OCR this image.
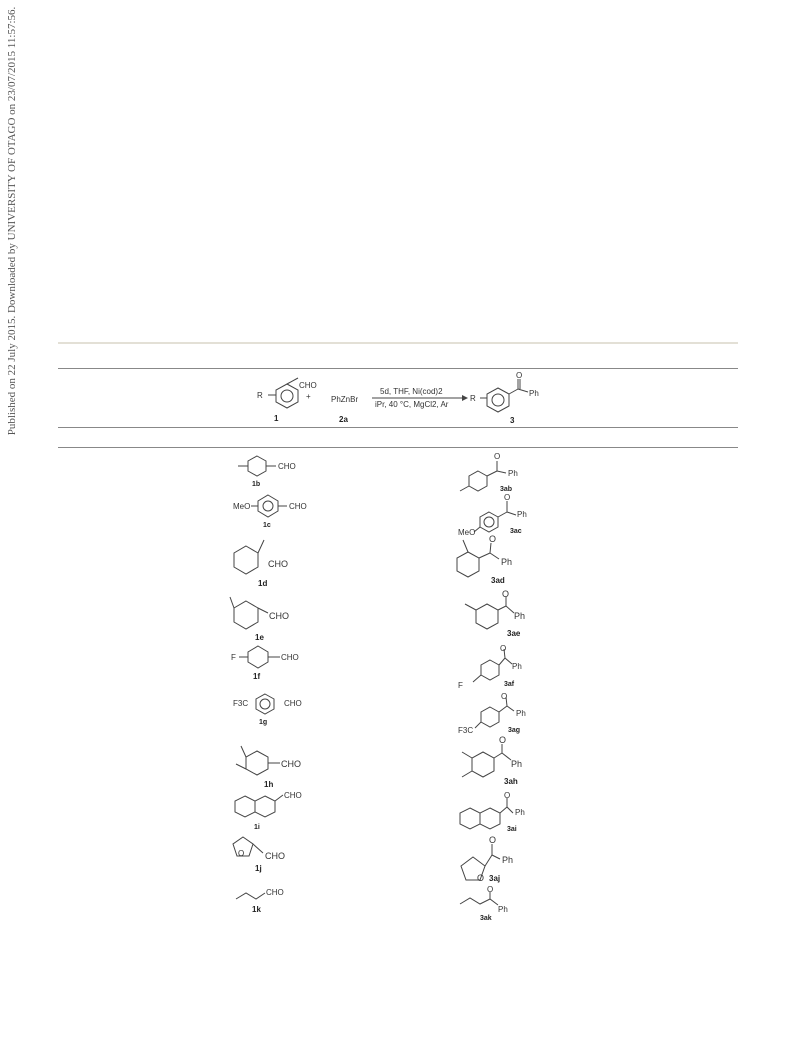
Published on 22 July 2015. Downloaded by UNIVERSITY OF OTAGO on 23/07/2015 11:57:56.	R
CHO
1
+	PhZnBr
2a
5d, THF, Ni(cod)2
iPr, 40 °C, MgCl2, Ar
O
Ph
R
3
CHO
1b
MeO	CHO
1c
CHO
1d
CHO
1e
F	CHO
1f
F3C	CHO
1g
CHO
1h
CHO
1i
O CHO
1j
CHO
1k
O
Ph
3ab
O
Ph
MeO	3ac
O
Ph
3ad
O
Ph
3ae
O
Ph
F	3af
O
Ph
F3C	3ag
O
Ph
3ah
O
Ph
3ai
O
Ph
O 3aj
O
Ph
3ak
